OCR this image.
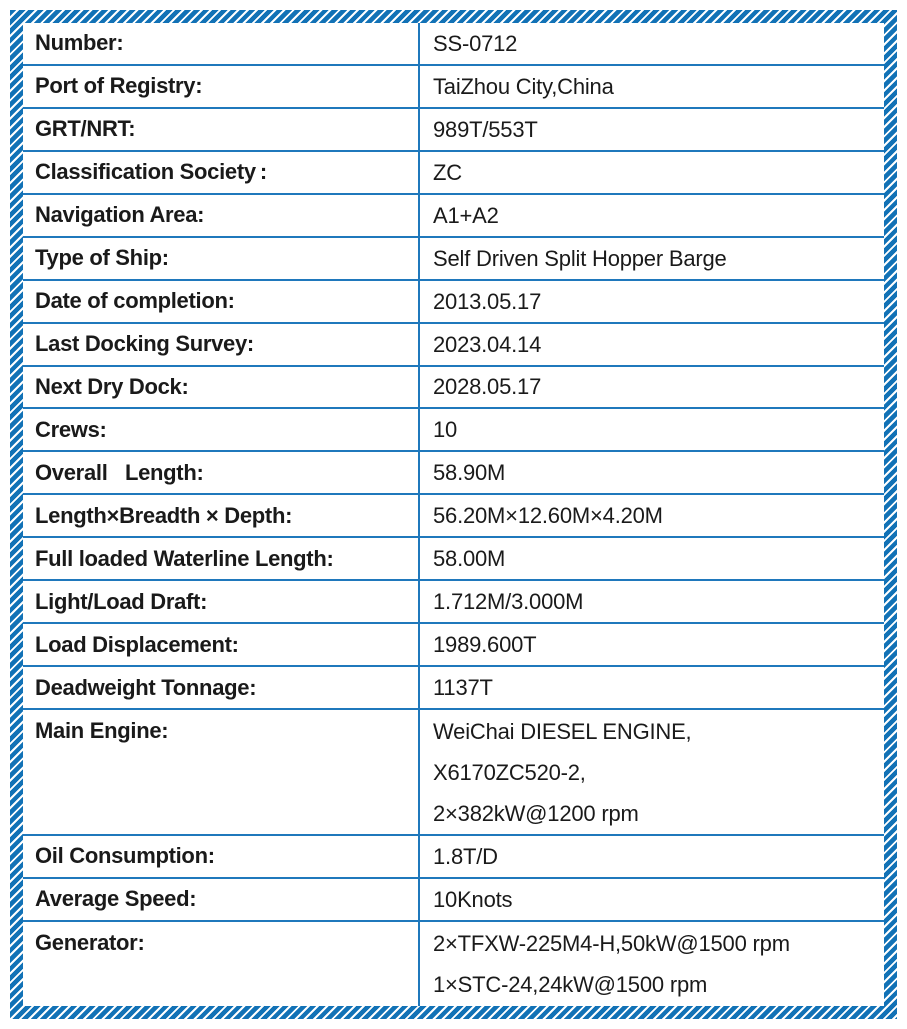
Number:	SS-0712
Port of Registry:	TaiZhou City,China
GRT/NRT:	989T/553T
Classification Society :	ZC
Navigation Area:	A1+A2
Type of Ship:	Self Driven Split Hopper Barge
Date of completion:	2013.05.17
Last Docking Survey:	2023.04.14
Next Dry Dock:	2028.05.17
Crews:	10
Overall   Length:	58.90M
Length×Breadth × Depth:	56.20M×12.60M×4.20M
Full loaded Waterline Length:	58.00M
Light/Load Draft:	1.712M/3.000M
Load Displacement:	1989.600T
Deadweight Tonnage:	1137T
Main Engine:	WeiChai DIESEL ENGINE,
X6170ZC520-2,
2×382kW@1200 rpm
Oil Consumption:	1.8T/D
Average Speed:	10Knots
Generator:	2×TFXW-225M4-H,50kW@1500 rpm
1×STC-24,24kW@1500 rpm
